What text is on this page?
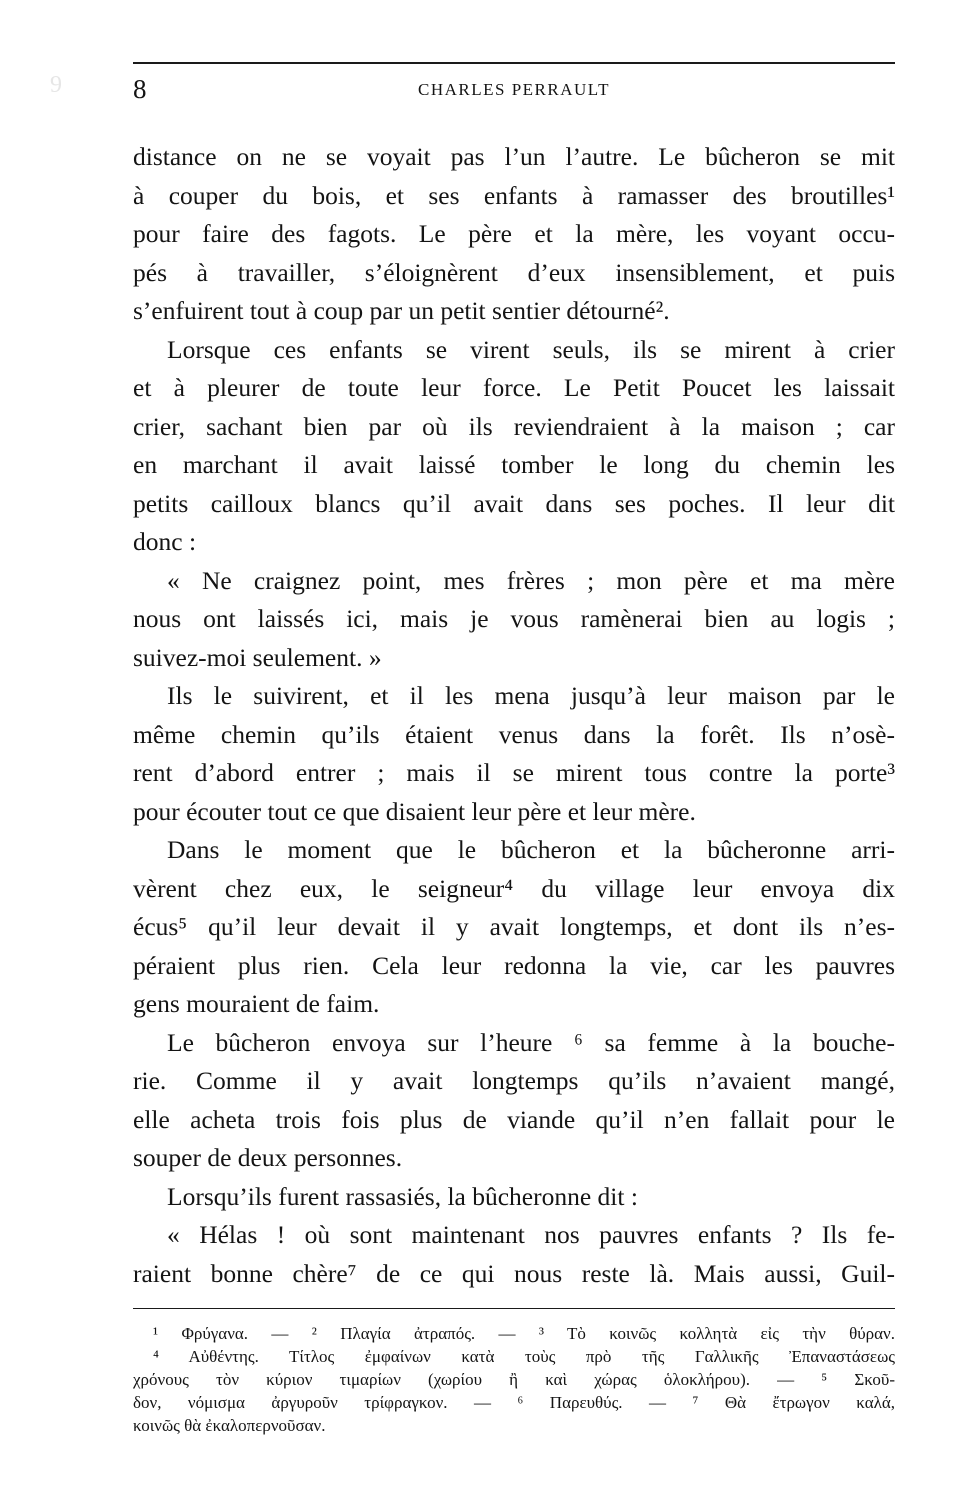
9	8	CHARLES PERRAULT
distance on ne se voyait pas l’un l’autre. Le bûcheron se mit
à couper du bois, et ses enfants à ramasser des broutilles¹
pour faire des fagots. Le père et la mère, les voyant occu-
pés à travailler, s’éloignèrent d’eux insensiblement, et puis
s’enfuirent tout à coup par un petit sentier détourné².
Lorsque ces enfants se virent seuls, ils se mirent à crier
et à pleurer de toute leur force. Le Petit Poucet les laissait
crier, sachant bien par où ils reviendraient à la maison ; car
en marchant il avait laissé tomber le long du chemin les
petits cailloux blancs qu’il avait dans ses poches. Il leur dit
donc :
« Ne craignez point, mes frères ; mon père et ma mère
nous ont laissés ici, mais je vous ramènerai bien au logis ;
suivez-moi seulement. »
Ils le suivirent, et il les mena jusqu’à leur maison par le
même chemin qu’ils étaient venus dans la forêt. Ils n’osè-
rent d’abord entrer ; mais il se mirent tous contre la porte³
pour écouter tout ce que disaient leur père et leur mère.
Dans le moment que le bûcheron et la bûcheronne arri-
vèrent chez eux, le seigneur⁴ du village leur envoya dix
écus⁵ qu’il leur devait il y avait longtemps, et dont ils n’es-
péraient plus rien. Cela leur redonna la vie, car les pauvres
gens mouraient de faim.
Le bûcheron envoya sur l’heure ⁶ sa femme à la bouche-
rie. Comme il y avait longtemps qu’ils n’avaient mangé,
elle acheta trois fois plus de viande qu’il n’en fallait pour le
souper de deux personnes.
Lorsqu’ils furent rassasiés, la bûcheronne dit :
« Hélas ! où sont maintenant nos pauvres enfants ? Ils fe-
raient bonne chère⁷ de ce qui nous reste là. Mais aussi, Guil-
¹ Φρύγανα. — ² Πλαγία ἀτραπός. — ³ Τὸ κοινῶς κολλητὰ εἰς τὴν θύραν.
⁴ Αὐθέντης. Τίτλος ἐμφαίνων κατὰ τοὺς πρὸ τῆς Γαλλικῆς Ἐπαναστάσεως
χρόνους τὸν κύριον τιμαρίων (χωρίου ἢ καὶ χώρας ὁλοκλήρου). — ⁵ Σκοῦ-
δον, νόμισμα ἀργυροῦν τρίφραγκον. — ⁶ Παρευθύς. — ⁷ Θὰ ἔτρωγον καλά,
κοινῶς θὰ ἐκαλοπερνοῦσαν.
